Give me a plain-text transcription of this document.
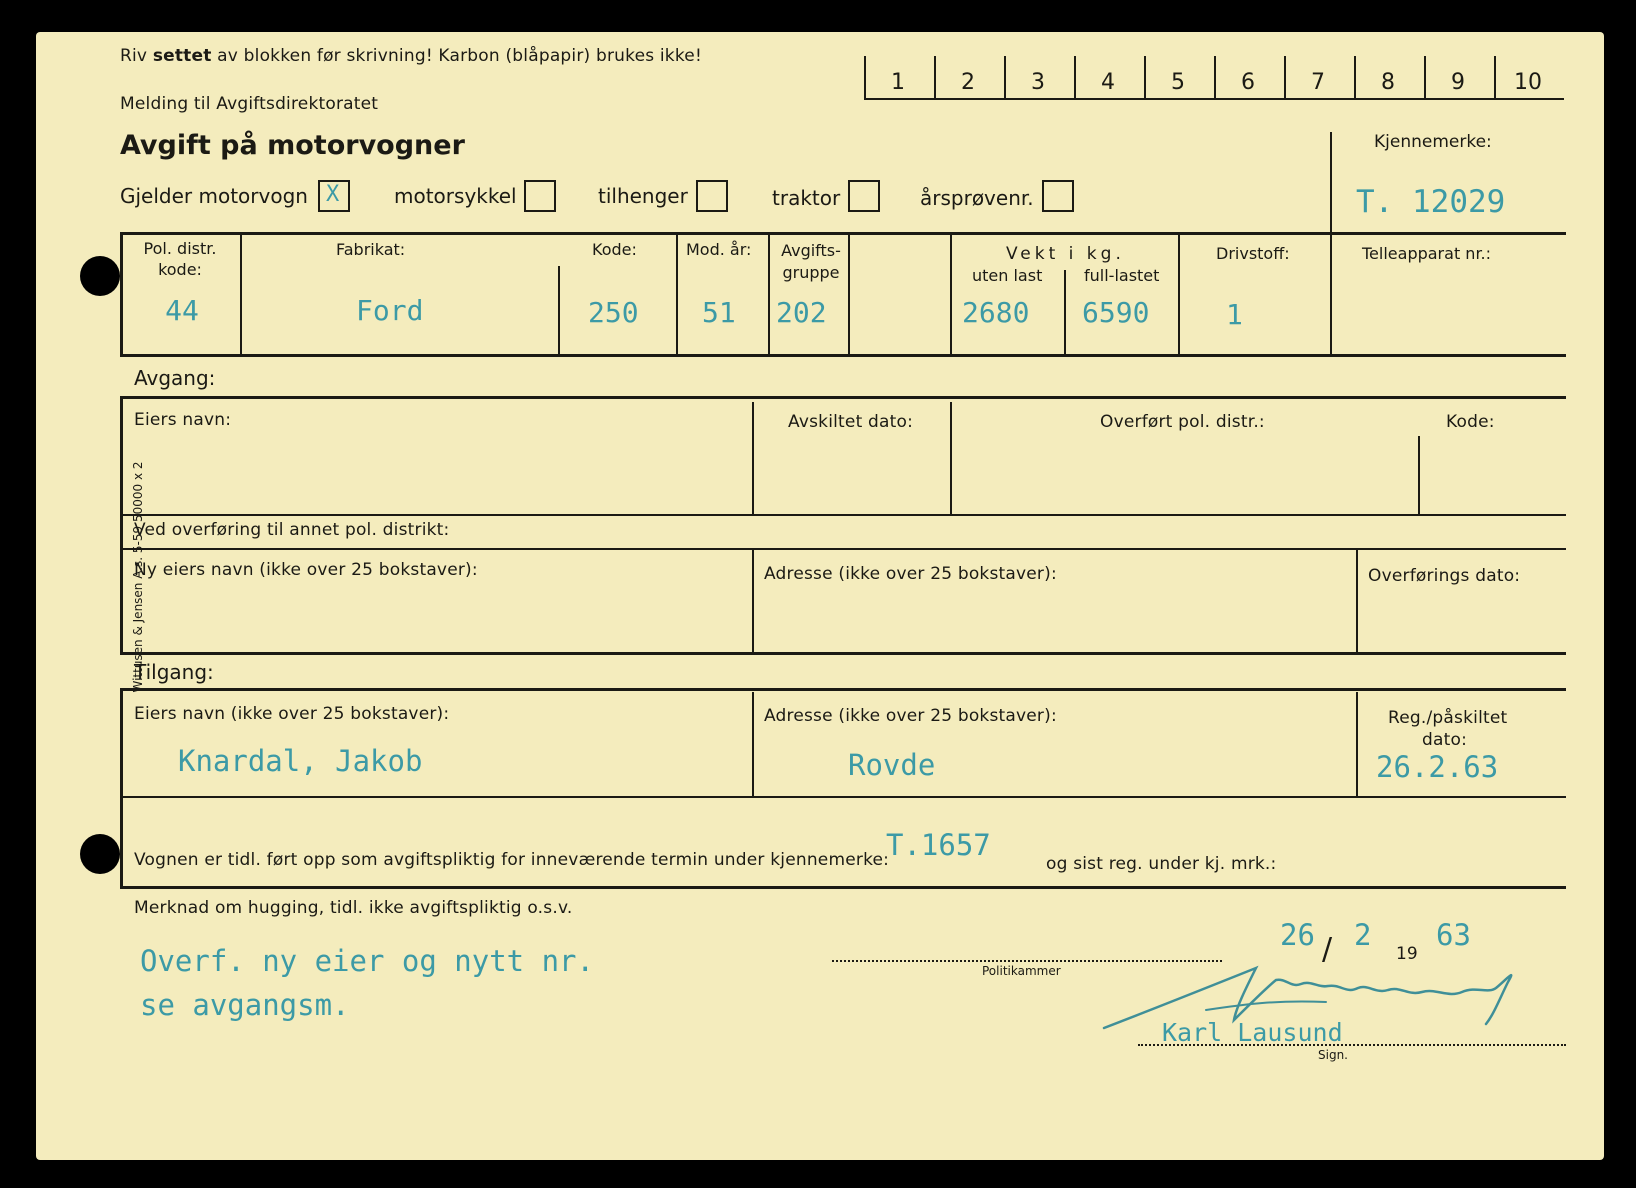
Riv settet av blokken før skrivning! Karbon (blåpapir) brukes ikke!
Melding til Avgiftsdirektoratet
Avgift på motorvogner
1	2	3	4	5	6	7	8	9	10
Gjelder motorvogn X	motorsykkel	tilhenger	traktor	årsprøvenr.
Kjennemerke:
T. 12029
Pol. distr. kode:
44
Fabrikat:
Ford
Kode:
250
Mod. år:
51
Avgifts- gruppe
202
Vekt i kg.
uten last
2680
full-lastet
6590
Drivstoff:
1
Telleapparat nr.:
Avgang:
Eiers navn:	Avskiltet dato:	Overført pol. distr.:	Kode:
Ved overføring til annet pol. distrikt:
Ny eiers navn (ikke over 25 bokstaver):	Adresse (ikke over 25 bokstaver):	Overførings dato:
Tilgang:
Eiers navn (ikke over 25 bokstaver):
Knardal, Jakob
Adresse (ikke over 25 bokstaver):
Rovde
Reg./påskiltet
dato:
26.2.63
Vognen er tidl. ført opp som avgiftspliktig for inneværende termin under kjennemerke:
T.1657
og sist reg. under kj. mrk.:
Merknad om hugging, tidl. ikke avgiftspliktig o.s.v.
Overf. ny eier og nytt nr.
se avgangsm.
26 / 2
19
63
Politikammer
Karl Lausund
Sign.
Wittusen & Jensen A.s. 5-59 50000 x 2
